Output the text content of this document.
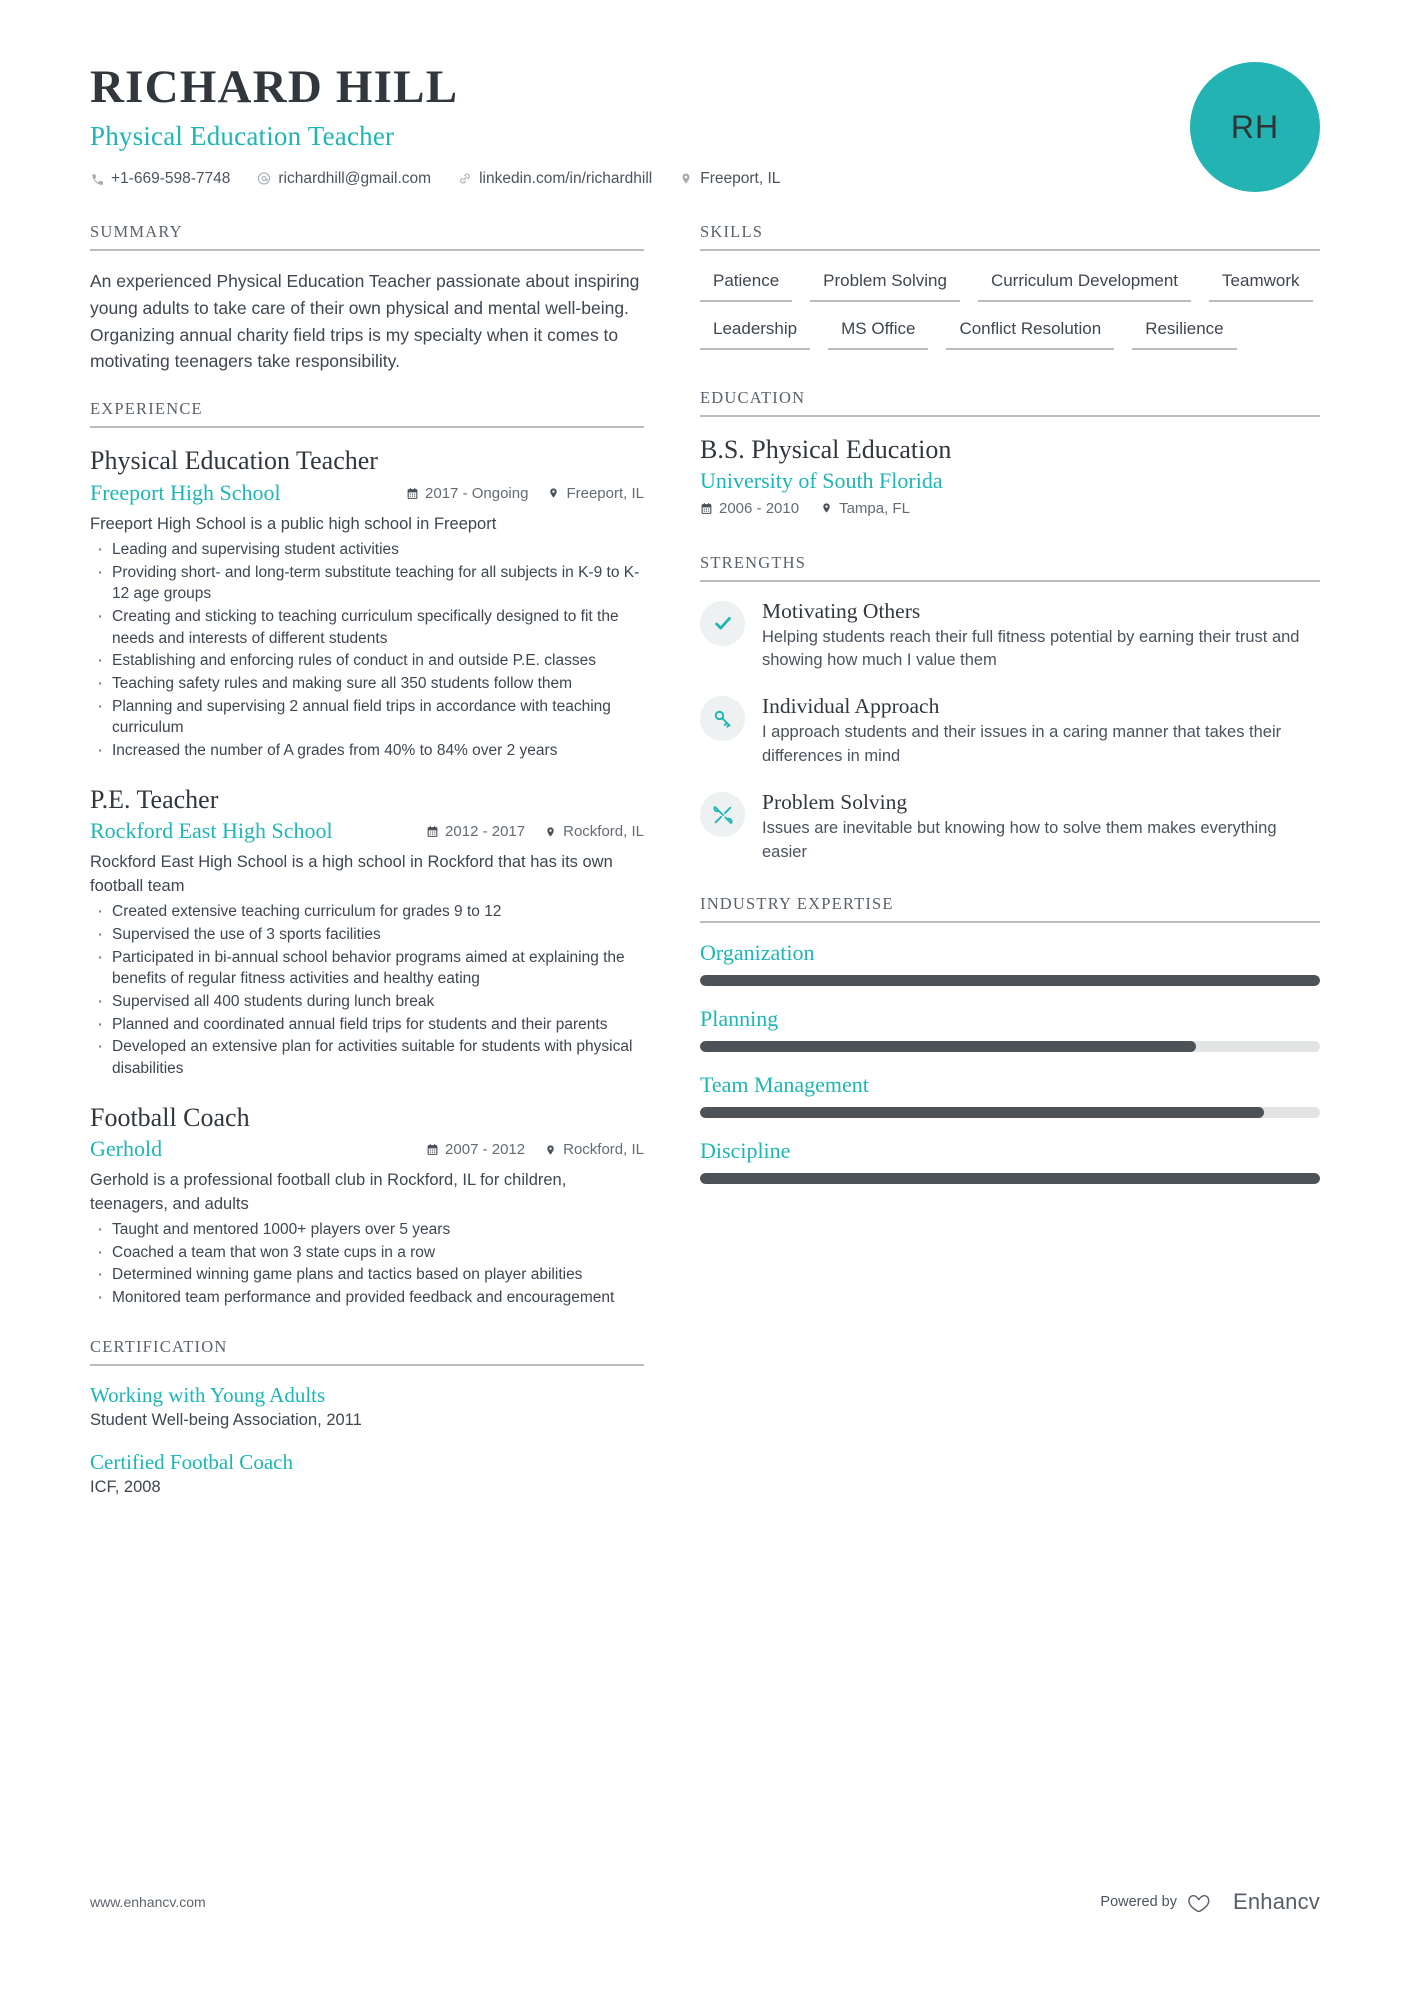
RICHARD HILL
Physical Education Teacher
+1-669-598-7748	richardhill@gmail.com	linkedin.com/in/richardhill	Freeport, IL
RH
SUMMARY
An experienced Physical Education Teacher passionate about inspiring young adults to take care of their own physical and mental well-being. Organizing annual charity field trips is my specialty when it comes to motivating teenagers take responsibility.
EXPERIENCE
Physical Education Teacher
Freeport High School	2017 - Ongoing	Freeport, IL
Freeport High School is a public high school in Freeport
· Leading and supervising student activities
· Providing short- and long-term substitute teaching for all subjects in K-9 to K-12 age groups
· Creating and sticking to teaching curriculum specifically designed to fit the needs and interests of different students
· Establishing and enforcing rules of conduct in and outside P.E. classes
· Teaching safety rules and making sure all 350 students follow them
· Planning and supervising 2 annual field trips in accordance with teaching curriculum
· Increased the number of A grades from 40% to 84% over 2 years
P.E. Teacher
Rockford East High School	2012 - 2017	Rockford, IL
Rockford East High School is a high school in Rockford that has its own football team
· Created extensive teaching curriculum for grades 9 to 12
· Supervised the use of 3 sports facilities
· Participated in bi-annual school behavior programs aimed at explaining the benefits of regular fitness activities and healthy eating
· Supervised all 400 students during lunch break
· Planned and coordinated annual field trips for students and their parents
· Developed an extensive plan for activities suitable for students with physical disabilities
Football Coach
Gerhold	2007 - 2012	Rockford, IL
Gerhold is a professional football club in Rockford, IL for children, teenagers, and adults
· Taught and mentored 1000+ players over 5 years
· Coached a team that won 3 state cups in a row
· Determined winning game plans and tactics based on player abilities
· Monitored team performance and provided feedback and encouragement
CERTIFICATION
Working with Young Adults
Student Well-being Association, 2011
Certified Footbal Coach
ICF, 2008
SKILLS
Patience	Problem Solving	Curriculum Development	Teamwork
Leadership	MS Office	Conflict Resolution	Resilience
EDUCATION
B.S. Physical Education
University of South Florida
2006 - 2010	Tampa, FL
STRENGTHS
Motivating Others
Helping students reach their full fitness potential by earning their trust and showing how much I value them
Individual Approach
I approach students and their issues in a caring manner that takes their differences in mind
Problem Solving
Issues are inevitable but knowing how to solve them makes everything easier
INDUSTRY EXPERTISE
Organization
Planning
Team Management
Discipline
www.enhancv.com	Powered by	Enhancv
